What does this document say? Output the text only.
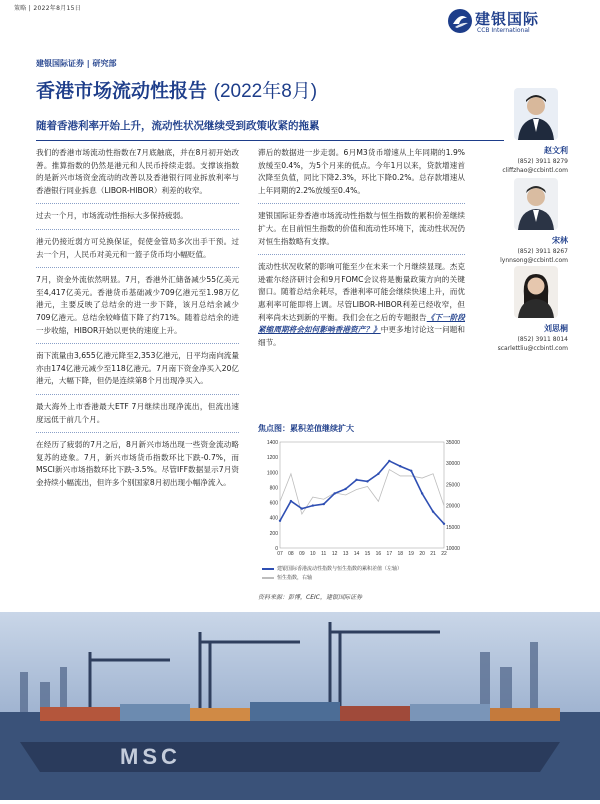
策略 | 2022年8月15日
建银国际
CCB International
建银国际证券 | 研究部
香港市场流动性报告 (2022年8月)
随着香港利率开始上升，流动性状况继续受到政策收紧的拖累
赵文利
(852) 3911 8279
cliffzhao@ccbintl.com
宋林
(852) 3911 8267
lynnsong@ccbintl.com
刘思桐
(852) 3911 8014
scarlettliu@ccbintl.com

我们的香港市场流动性指数在7月底触底，并在8月初开始改善。推算指数的仍然是港元和人民币持续走弱。支撑该指数的是新兴市场资金流动的改善以及香港银行同业拆放利率与香港银行同业拆息（LIBOR-HIBOR）利差的收窄。

过去一个月，市场流动性指标大多保持疲弱。

港元仍接近弱方可兑换保证，促使金管局多次出手干预。过去一个月，人民币对美元和一篮子货币均小幅贬值。

7月，资金外流依然明显。7月，香港外汇储备减少55亿美元至4,417亿美元。香港货币基础减少709亿港元至1.98万亿港元，主要反映了总结余的进一步下降，该月总结余减少709亿港元。总结余较峰值下降了约71%。随着总结余的进一步收缩，HIBOR开始以更快的速度上升。

南下流量由3,655亿港元降至2,353亿港元，日平均南向流量亦由174亿港元减少至118亿港元。7月南下资金净买入20亿港元，大幅下降，但仍是连续第8个月出现净买入。

最大海外上市香港最大ETF 7月继续出现净流出，但流出速度远低于前几个月。

在经历了疲弱的7月之后，8月新兴市场出现一些资金流动略复苏的迹象。7月，新兴市场货币指数环比下跌-0.7%，而MSCI新兴市场指数环比下跌-3.5%。尽管IFF数据显示7月资金持续小幅流出，但许多个别国家8月初出现小幅净流入。

滞后的数据进一步走弱。6月M3货币增速从上年同期的1.9%放缓至0.4%，为5个月来的低点。今年1月以来，贷款增速首次降至负值，同比下降2.3%，环比下降0.2%。总存款增速从上年同期的2.2%放缓至0.4%。

建银国际证券香港市场流动性指数与恒生指数的累积价差继续扩大。在目前恒生指数的价值和流动性环境下，流动性状况仍对恒生指数略有支撑。

流动性状况收紧的影响可能至少在未来一个月继续显现。杰克逊霍尔经济研讨会和9月FOMC会议将是衡量政策方向的关键窗口。随着总结余耗尽，香港利率可能会继续快速上升，而优惠利率可能即将上调。尽管LIBOR-HIBOR利差已经收窄，但利率尚未达到新的平衡。我们会在之后的专题报告《下一阶段紧缩周期将会如何影响香港资产？》中更多地讨论这一问题和细节。

焦点图：累积差值继续扩大
0
200
400
600
800
1000
1200
1400
10000
15000
20000
25000
30000
35000
07 08 09 10 11 12 13 14 15 16 17 18 19 20 21 22
建银国际香港流动性指数与恒生指数的累积差值（左轴）
恒生指数，右轴
资料来源：彭博，CEIC，建银国际证券
MSC
